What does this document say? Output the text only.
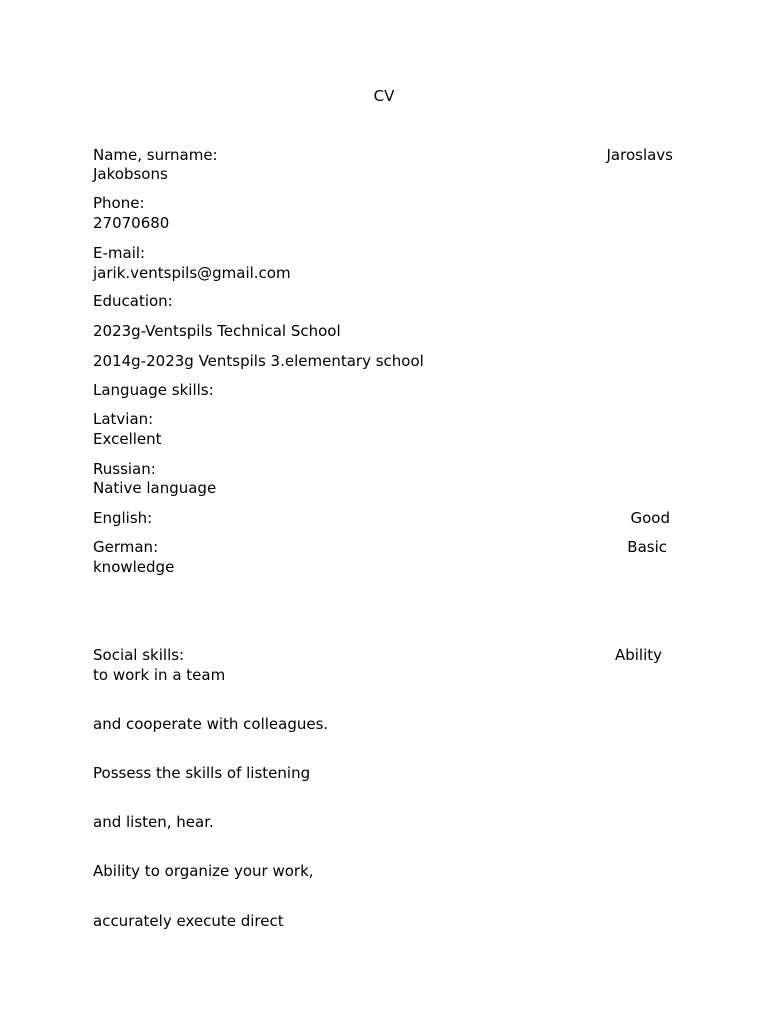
CV
Name, surname:	Jaroslavs
Jakobsons
Phone:
27070680
E-mail:
jarik.ventspils@gmail.com
Education:
2023g-Ventspils Technical School
2014g-2023g Ventspils 3.elementary school
Language skills:
Latvian:
Excellent
Russian:
Native language
English:	Good
German:	Basic
knowledge
Social skills:	Ability
to work in a team
and cooperate with colleagues.
Possess the skills of listening
and listen, hear.
Ability to organize your work,
accurately execute direct
